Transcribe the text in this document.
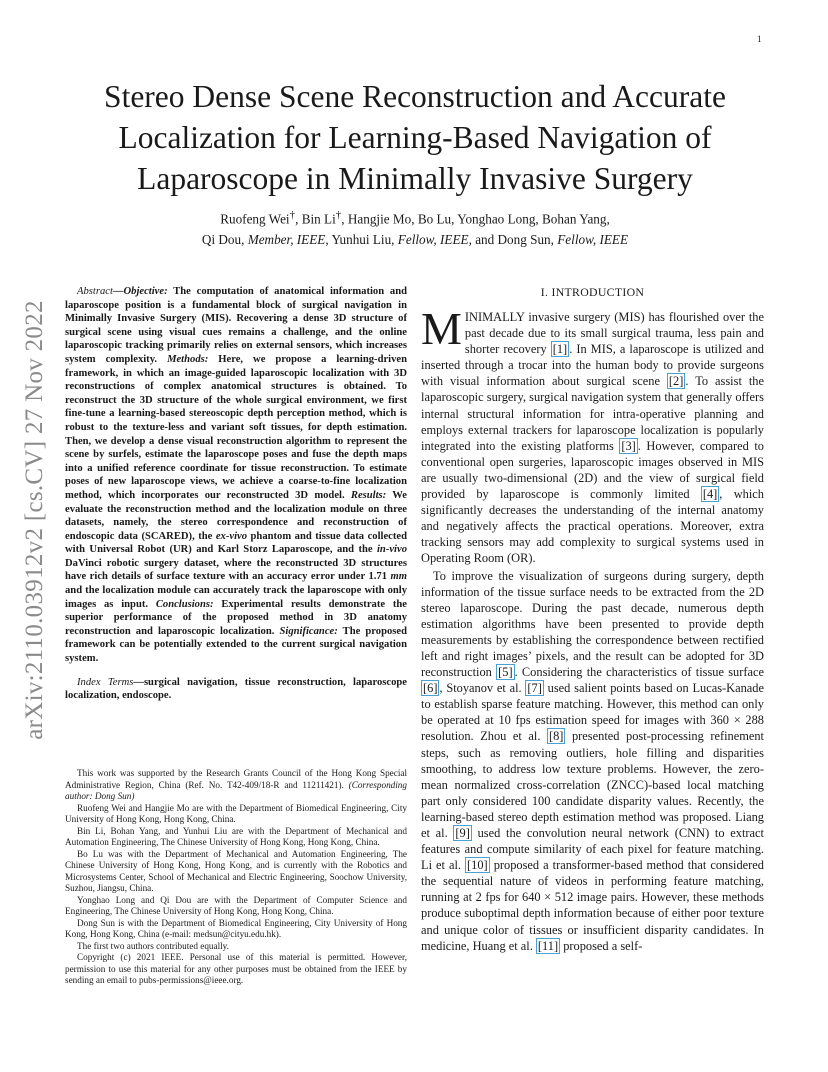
1
arXiv:2110.03912v2 [cs.CV] 27 Nov 2022
Stereo Dense Scene Reconstruction and Accurate Localization for Learning-Based Navigation of Laparoscope in Minimally Invasive Surgery
Ruofeng Wei†, Bin Li†, Hangjie Mo, Bo Lu, Yonghao Long, Bohan Yang,
Qi Dou, Member, IEEE, Yunhui Liu, Fellow, IEEE, and Dong Sun, Fellow, IEEE

Abstract—Objective: The computation of anatomical information and laparoscope position is a fundamental block of surgical navigation in Minimally Invasive Surgery (MIS). Recovering a dense 3D structure of surgical scene using visual cues remains a challenge, and the online laparoscopic tracking primarily relies on external sensors, which increases system complexity. Methods: Here, we propose a learning-driven framework, in which an image-guided laparoscopic localization with 3D reconstructions of complex anatomical structures is obtained. To reconstruct the 3D structure of the whole surgical environment, we first fine-tune a learning-based stereoscopic depth perception method, which is robust to the texture-less and variant soft tissues, for depth estimation. Then, we develop a dense visual reconstruction algorithm to represent the scene by surfels, estimate the laparoscope poses and fuse the depth maps into a unified reference coordinate for tissue reconstruction. To estimate poses of new laparoscope views, we achieve a coarse-to-fine localization method, which incorporates our reconstructed 3D model. Results: We evaluate the reconstruction method and the localization module on three datasets, namely, the stereo correspondence and reconstruction of endoscopic data (SCARED), the ex-vivo phantom and tissue data collected with Universal Robot (UR) and Karl Storz Laparoscope, and the in-vivo DaVinci robotic surgery dataset, where the reconstructed 3D structures have rich details of surface texture with an accuracy error under 1.71 mm and the localization module can accurately track the laparoscope with only images as input. Conclusions: Experimental results demonstrate the superior performance of the proposed method in 3D anatomy reconstruction and laparoscopic localization. Significance: The proposed framework can be potentially extended to the current surgical navigation system.

Index Terms—surgical navigation, tissue reconstruction, laparoscope localization, endoscope.

This work was supported by the Research Grants Council of the Hong Kong Special Administrative Region, China (Ref. No. T42-409/18-R and 11211421). (Corresponding author: Dong Sun)

Ruofeng Wei and Hangjie Mo are with the Department of Biomedical Engineering, City University of Hong Kong, Hong Kong, China.

Bin Li, Bohan Yang, and Yunhui Liu are with the Department of Mechanical and Automation Engineering, The Chinese University of Hong Kong, Hong Kong, China.

Bo Lu was with the Department of Mechanical and Automation Engineering, The Chinese University of Hong Kong, Hong Kong, and is currently with the Robotics and Microsystems Center, School of Mechanical and Electric Engineering, Soochow University, Suzhou, Jiangsu, China.

Yonghao Long and Qi Dou are with the Department of Computer Science and Engineering, The Chinese University of Hong Kong, Hong Kong, China.

Dong Sun is with the Department of Biomedical Engineering, City University of Hong Kong, Hong Kong, China (e-mail: medsun@cityu.edu.hk).

The first two authors contributed equally.

Copyright (c) 2021 IEEE. Personal use of this material is permitted. However, permission to use this material for any other purposes must be obtained from the IEEE by sending an email to pubs-permissions@ieee.org.

I. INTRODUCTION

MINIMALLY invasive surgery (MIS) has flourished over the past decade due to its small surgical trauma, less pain and shorter recovery [1] . In MIS, a laparoscope is utilized and inserted through a trocar into the human body to provide surgeons with visual information about surgical scene [2] . To assist the laparoscopic surgery, surgical navigation system that generally offers internal structural information for intra-operative planning and employs external trackers for laparoscope localization is popularly integrated into the existing platforms [3] . However, compared to conventional open surgeries, laparoscopic images observed in MIS are usually two-dimensional (2D) and the view of surgical field provided by laparoscope is commonly limited [4] , which significantly decreases the understanding of the internal anatomy and negatively affects the practical operations. Moreover, extra tracking sensors may add complexity to surgical systems used in Operating Room (OR).

To improve the visualization of surgeons during surgery, depth information of the tissue surface needs to be extracted from the 2D stereo laparoscope. During the past decade, numerous depth estimation algorithms have been presented to provide depth measurements by establishing the correspondence between rectified left and right images’ pixels, and the result can be adopted for 3D reconstruction [5] . Considering the characteristics of tissue surface [6] , Stoyanov et al. [7] used salient points based on Lucas-Kanade to establish sparse feature matching. However, this method can only be operated at 10 fps estimation speed for images with 360 × 288 resolution. Zhou et al. [8] presented post-processing refinement steps, such as removing outliers, hole filling and disparities smoothing, to address low texture problems. However, the zero-mean normalized cross-correlation (ZNCC)-based local matching part only considered 100 candidate disparity values. Recently, the learning-based stereo depth estimation method was proposed. Liang et al. [9] used the convolution neural network (CNN) to extract features and compute similarity of each pixel for feature matching. Li et al. [10] proposed a transformer-based method that considered the sequential nature of videos in performing feature matching, running at 2 fps for 640 × 512 image pairs. However, these methods produce suboptimal depth information because of either poor texture and unique color of tissues or insufficient disparity candidates. In medicine, Huang et al. [11] proposed a self-
